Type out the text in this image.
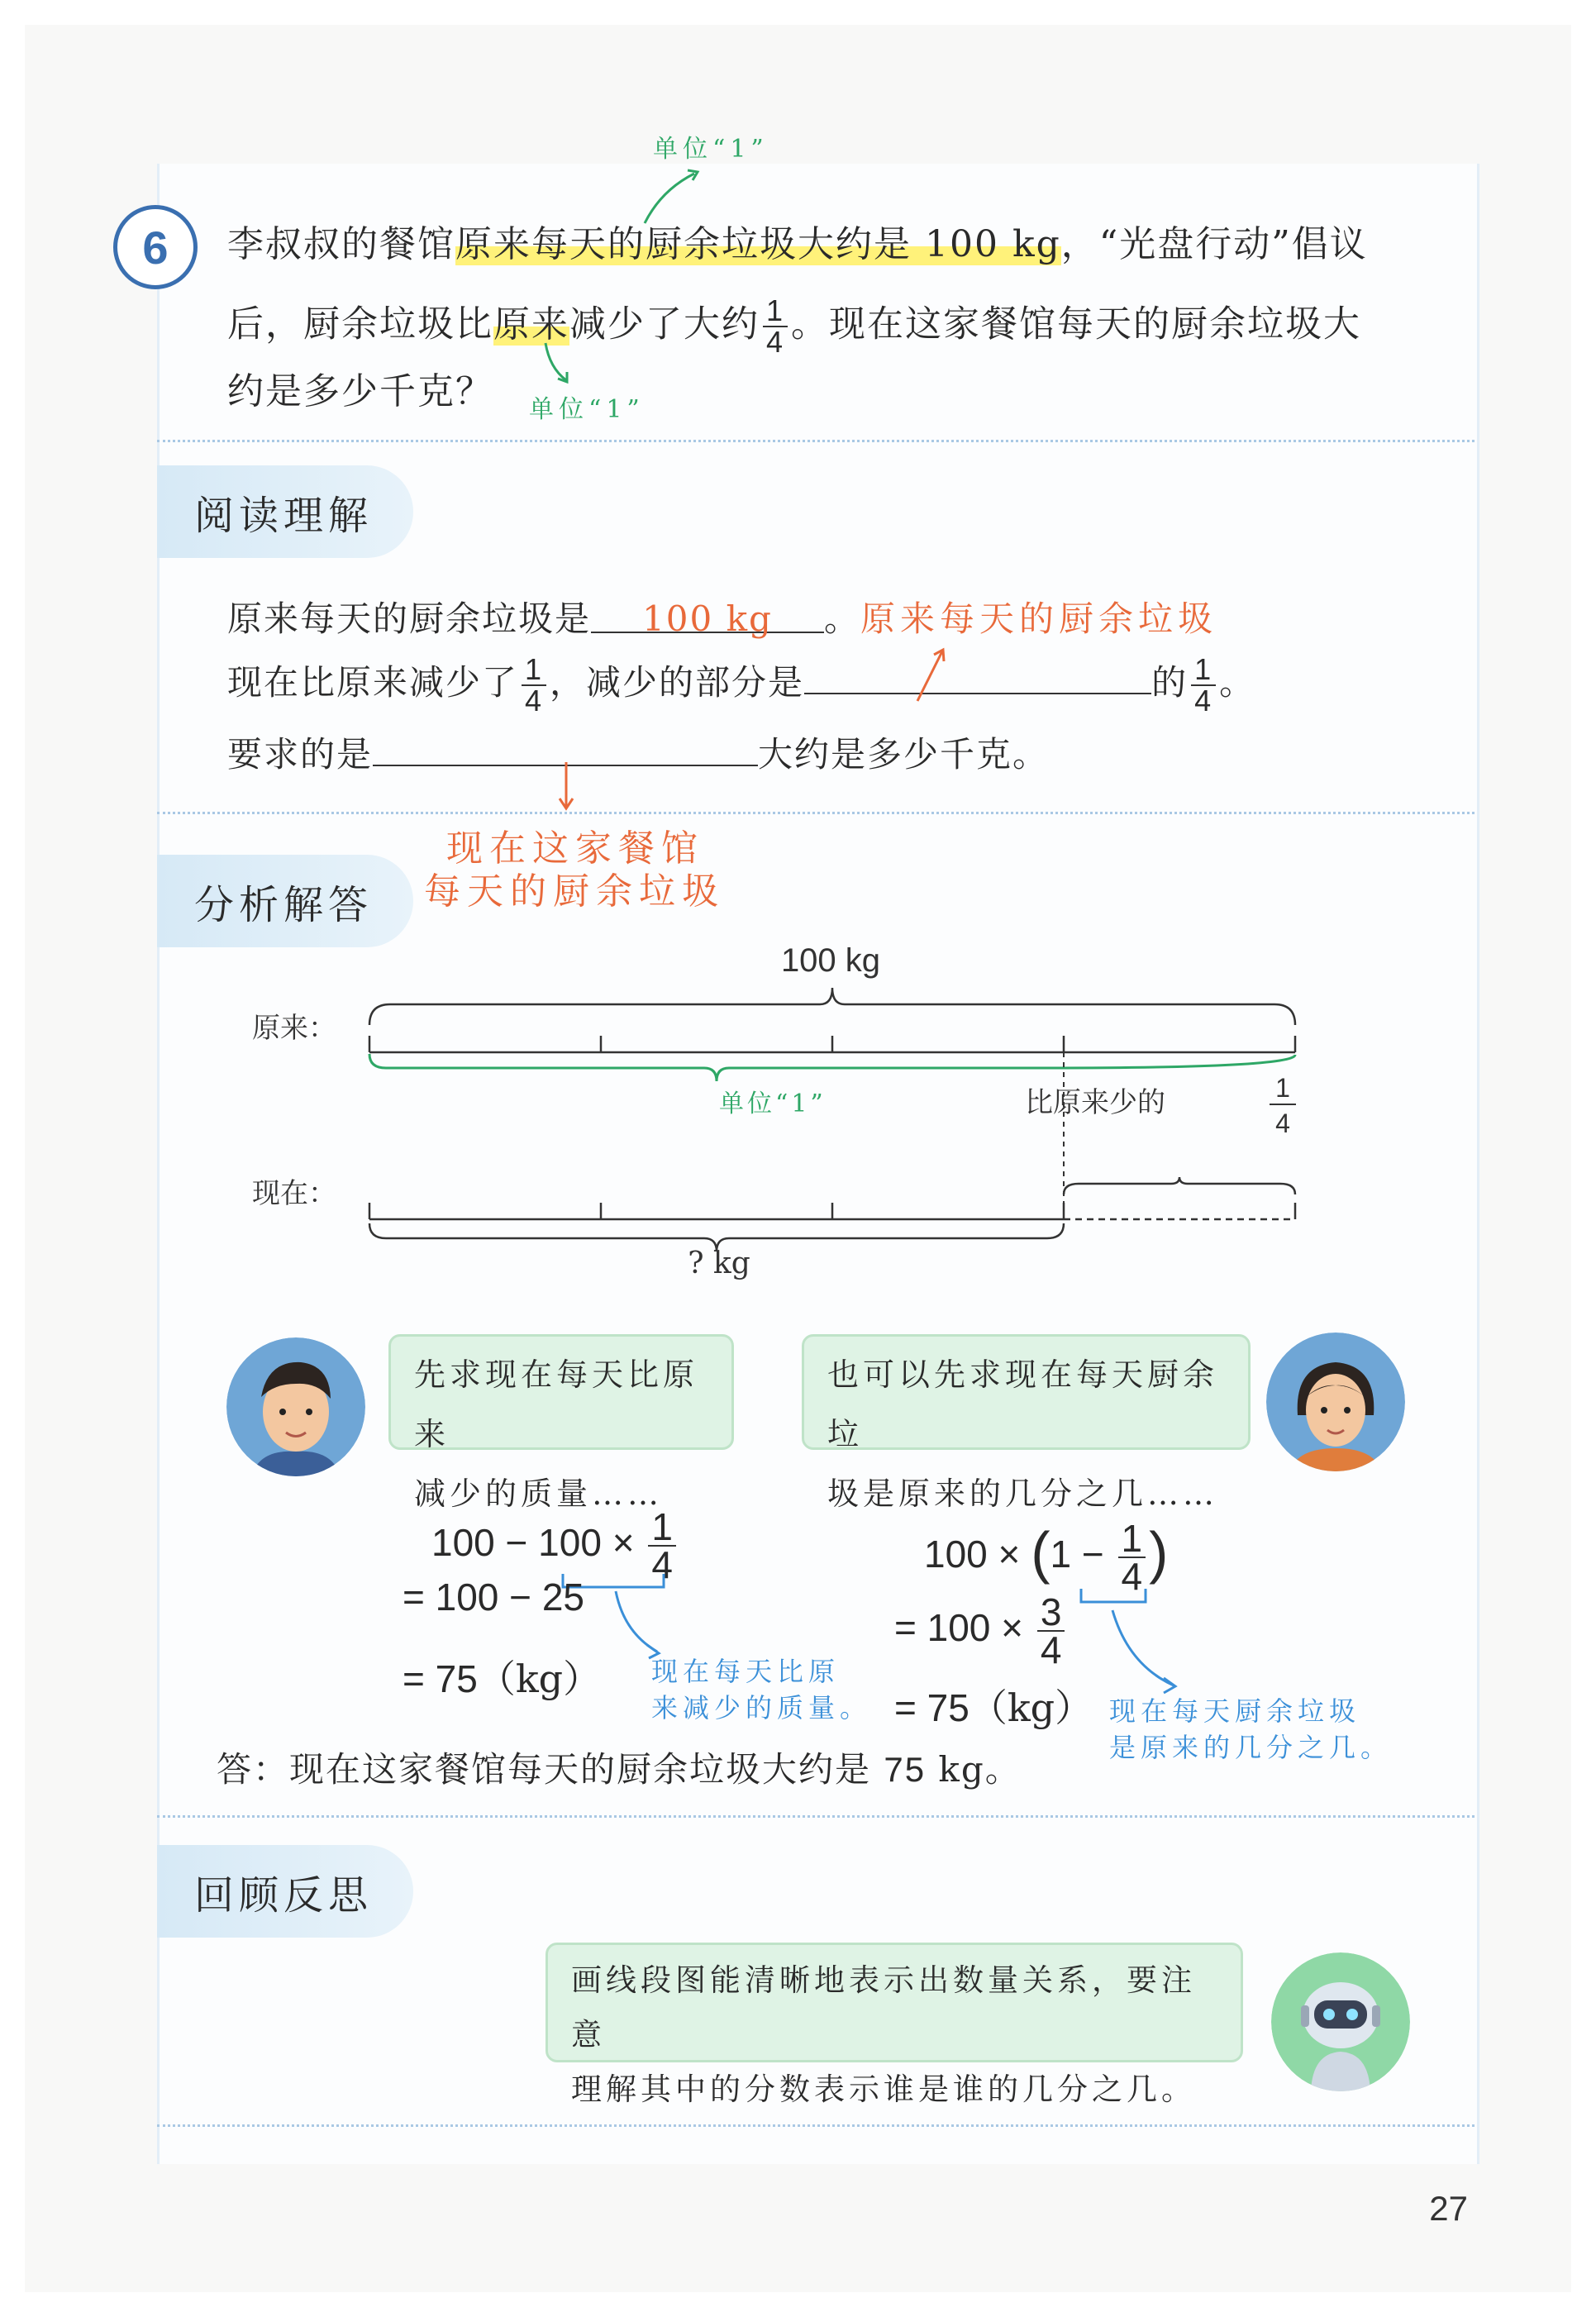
单位“1”
6	李叔叔的餐馆原来每天的厨余垃圾大约是 100 kg，“光盘行动”倡议
后，厨余垃圾比原来减少了大约 $\frac{1}{4}$ 。现在这家餐馆每天的厨余垃圾大
约是多少千克？ 单位“1”
阅读理解
原来每天的厨余垃圾是 100 kg 。原来每天的厨余垃圾
现在比原来减少了 $\frac{1}{4}$ ，减少的部分是	的 $\frac{1}{4}$ 。
要求的是	大约是多少千克。
现在这家餐馆
每天的厨余垃圾
分析解答
100 kg
原来：
现在：
比原来少的	1
4
单位“1”
? kg
先求现在每天比原来
减少的质量……
也可以先求现在每天厨余垃
圾是原来的几分之几……
$100 - 100 \times \frac{1}{4}$
= 100 − 25
= 75（kg） 现在每天比原
来减少的质量。
$100 \times (1 - \frac{1}{4}$ )
= $100 \times \frac{3}{4}$
= 75（kg） 现在每天厨余垃圾
是原来的几分之几。
答：现在这家餐馆每天的厨余垃圾大约是 75 kg。
回顾反思
画线段图能清晰地表示出数量关系，要注意
理解其中的分数表示谁是谁的几分之几。
27
